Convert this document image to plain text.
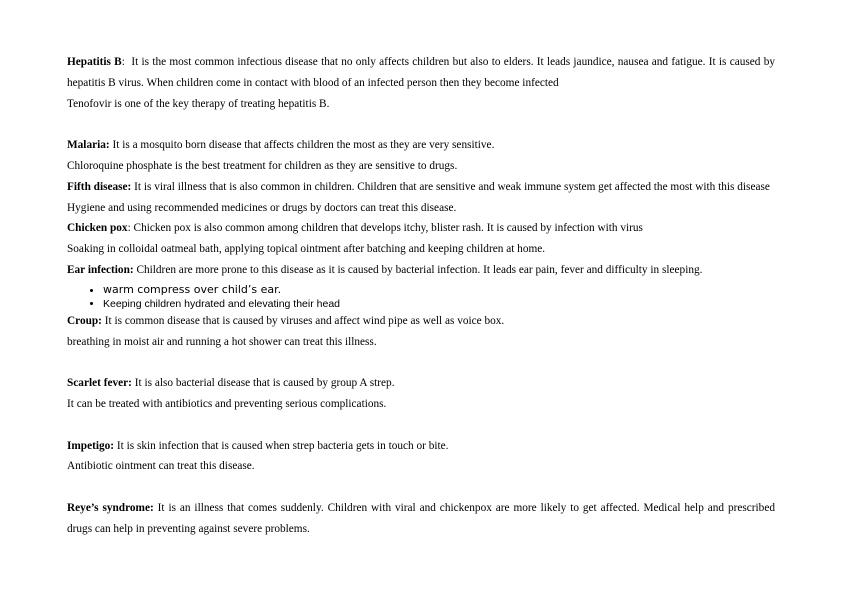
Hepatitis B: It is the most common infectious disease that no only affects children but also to elders. It leads jaundice, nausea and fatigue. It is caused by hepatitis B virus. When children come in contact with blood of an infected person then they become infected

Tenofovir is one of the key therapy of treating hepatitis B.

Malaria: It is a mosquito born disease that affects children the most as they are very sensitive.

Chloroquine phosphate is the best treatment for children as they are sensitive to drugs.

Fifth disease: It is viral illness that is also common in children. Children that are sensitive and weak immune system get affected the most with this disease

Hygiene and using recommended medicines or drugs by doctors can treat this disease.

Chicken pox: Chicken pox is also common among children that develops itchy, blister rash. It is caused by infection with virus

Soaking in colloidal oatmeal bath, applying topical ointment after batching and keeping children at home.

Ear infection: Children are more prone to this disease as it is caused by bacterial infection. It leads ear pain, fever and difficulty in sleeping.

• warm compress over child’s ear.
• Keeping children hydrated and elevating their head

Croup: It is common disease that is caused by viruses and affect wind pipe as well as voice box.

breathing in moist air and running a hot shower can treat this illness.

Scarlet fever: It is also bacterial disease that is caused by group A strep.

It can be treated with antibiotics and preventing serious complications.

Impetigo: It is skin infection that is caused when strep bacteria gets in touch or bite.

Antibiotic ointment can treat this disease.

Reye’s syndrome: It is an illness that comes suddenly. Children with viral and chickenpox are more likely to get affected. Medical help and prescribed drugs can help in preventing against severe problems.
